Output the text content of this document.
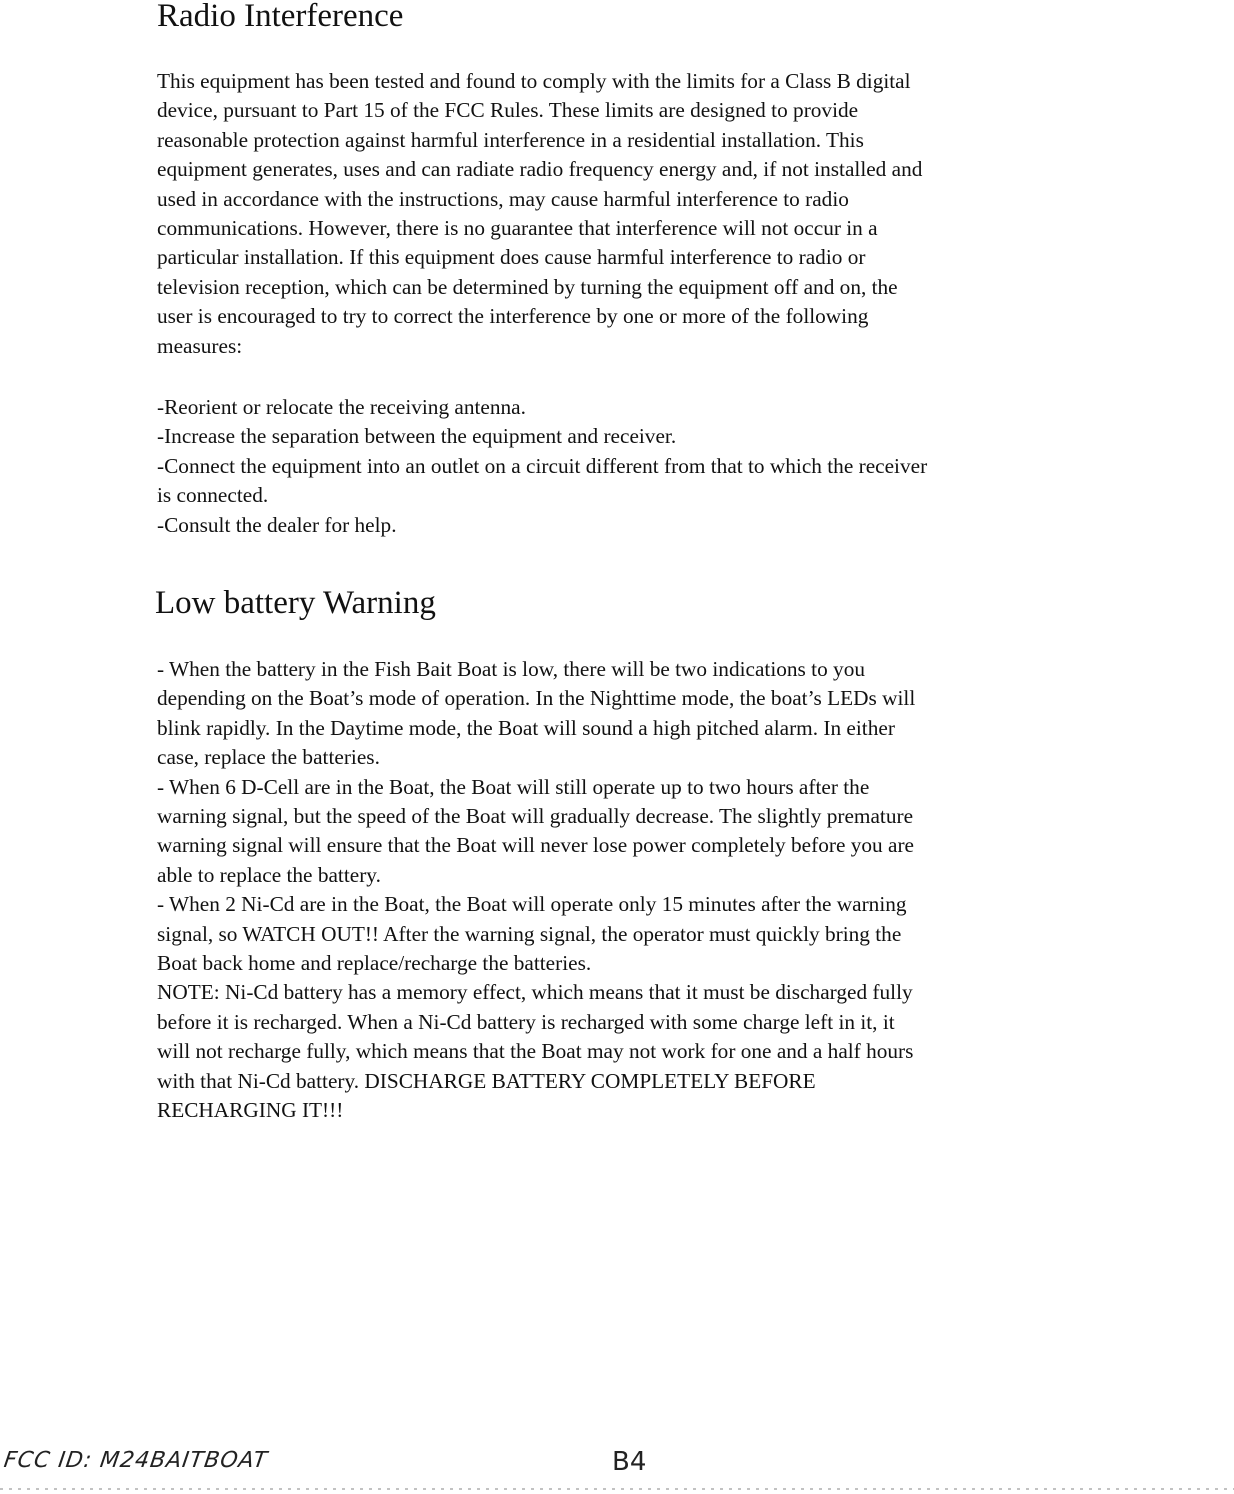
Radio Interference

This equipment has been tested and found to comply with the limits for a Class B digital
device, pursuant to Part 15 of the FCC Rules. These limits are designed to provide
reasonable protection against harmful interference in a residential installation. This
equipment generates, uses and can radiate radio frequency energy and, if not installed and
used in accordance with the instructions, may cause harmful interference to radio
communications. However, there is no guarantee that interference will not occur in a
particular installation. If this equipment does cause harmful interference to radio or
television reception, which can be determined by turning the equipment off and on, the
user is encouraged to try to correct the interference by one or more of the following
measures:

-Reorient or relocate the receiving antenna.
-Increase the separation between the equipment and receiver.
-Connect the equipment into an outlet on a circuit different from that to which the receiver
is connected.
-Consult the dealer for help.

Low battery Warning

- When the battery in the Fish Bait Boat is low, there will be two indications to you
depending on the Boat’s mode of operation. In the Nighttime mode, the boat’s LEDs will
blink rapidly. In the Daytime mode, the Boat will sound a high pitched alarm. In either
case, replace the batteries.
- When 6 D-Cell are in the Boat, the Boat will still operate up to two hours after the
warning signal, but the speed of the Boat will gradually decrease. The slightly premature
warning signal will ensure that the Boat will never lose power completely before you are
able to replace the battery.
- When 2 Ni-Cd are in the Boat, the Boat will operate only 15 minutes after the warning
signal, so WATCH OUT!! After the warning signal, the operator must quickly bring the
Boat back home and replace/recharge the batteries.
NOTE: Ni-Cd battery has a memory effect, which means that it must be discharged fully
before it is recharged. When a Ni-Cd battery is recharged with some charge left in it, it
will not recharge fully, which means that the Boat may not work for one and a half hours
with that Ni-Cd battery. DISCHARGE BATTERY COMPLETELY BEFORE
RECHARGING IT!!!

FCC ID: M24BAITBOAT	B4
